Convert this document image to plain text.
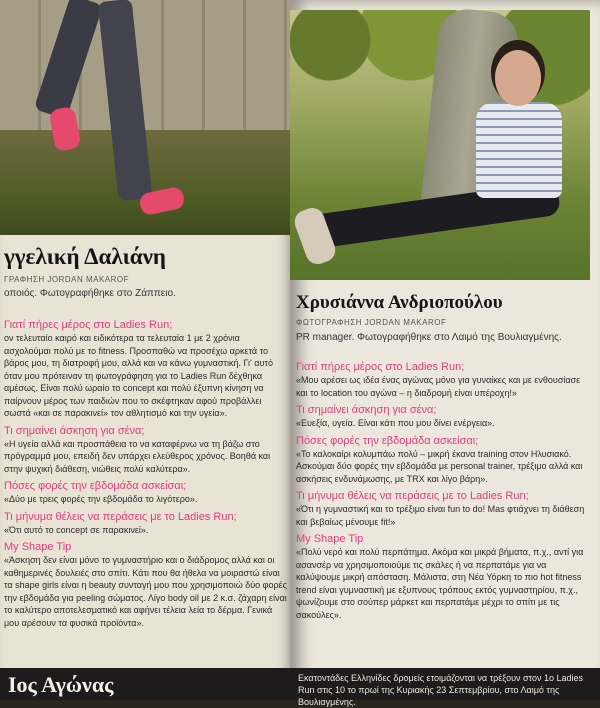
γγελική Δαλιάνη
ΓΡΑΦΗΣΗ JORDAN MAKAROF
οποιός. Φωτογραφήθηκε στο Ζάππειο.
Γιατί πήρες μέρος στο Ladies Run;

ον τελευταίο καιρό και ειδικότερα τα τελευταία 1 με 2 χρόνια ασχολούμαι πολύ με το fitness. Προσπαθώ να προσέχω αρκετά το βάρος μου, τη διατροφή μου, αλλά και να κάνω γυμναστική. Γι' αυτό όταν μου πρότειναν τη φωτογράφηση για το Ladies Run δέχθηκα αμέσως. Είναι πολύ ωραίο το concept και πολύ έξυπνη κίνηση να παίρνουν μέρος των παιδιών που το σκέφτηκαν αφού προβάλλει σωστά «και σε παρακινεί» τον αθλητισμό και την υγεία».

Τι σημαίνει άσκηση για σένα;

«Η υγεία αλλά και προσπάθεια το να καταφέρνω να τη βάζω στο πρόγραμμά μου, επειδή δεν υπάρχει ελεύθερος χρόνος. Βοηθά και στην ψυχική διάθεση, νιώθεις πολύ καλύτερα».

Πόσες φορές την εβδομάδα ασκείσαι;

«Δύο με τρεις φορές την εβδομάδα το λιγότερο».

Τι μήνυμα θέλεις να περάσεις με το Ladies Run;

«Ότι αυτό το concept σε παρακινεί».

My Shape Tip

«Άσκηση δεν είναι μόνο το γυμναστήριο και ο διάδρομος αλλά και οι καθημερινές δουλειές στο σπίτι. Κάτι που θα ήθελα να μοιραστώ είναι τα shape girls είναι η beauty συνταγή μου που χρησιμοποιώ δύο φορές την εβδομάδα για peeling σώματος. Λίγο body oil με 2 κ.σ. ζάχαρη είναι το καλύτερο αποτελεσματικό και αφήνει τέλεια λεία το δέρμα. Γενικά μου αρέσουν τα φυσικά προϊόντα».

Ιος Αγώνας
Χρυσιάννα Ανδριοπούλου
ΦΩΤΟΓΡΑΦΗΣΗ JORDAN MAKAROF
PR manager. Φωτογραφήθηκε στο Λαιμό της Βουλιαγμένης.
Γιατί πήρες μέρος στο Ladies Run;

«Μου αρέσει ως ιδέα ένας αγώνας μόνο για γυναίκες και με ενθουσίασε και το location του αγώνα – η διαδρομή είναι υπέροχη!»

Τι σημαίνει άσκηση για σένα;

«Ευεξία, υγεία. Είναι κάτι που μου δίνει ενέργεια».

Πόσες φορές την εβδομάδα ασκείσαι;

«Το καλοκαίρι κολυμπάω πολύ – μικρή έκανα training στον Ηλυσιακό. Ασκούμαι δύο φορές την εβδομάδα με personal trainer, τρέξιμο αλλά και ασκήσεις ενδυνάμωσης, με TRX και λίγο βάρη».

Τι μήνυμα θέλεις να περάσεις με το Ladies Run;

«Ότι η γυμναστική και το τρέξιμο είναι fun to do! Mas φτιάχνει τη διάθεση και βεβαίως μένουμε fit!»

My Shape Tip

«Πολύ νερό και πολύ περπάτημα. Ακόμα και μικρά βήματα, π.χ., αντί για ασανσέρ να χρησιμοποιούμε τις σκάλες ή να περπατάμε για να καλύψουμε μικρή απόσταση. Μάλιστα, στη Νέα Υόρκη το πιο hot fitness trend είναι γυμναστική με εξυπνους τρόπους εκτός γυμναστηρίου, π.χ., ψωνίζουμε στο σούπερ μάρκετ και περπατάμε μέχρι το σπίτι με τις σακούλες».

Εκατοντάδες Ελληνίδες δρομείς ετοιμάζονται να τρέξουν στον 1ο Ladies Run στις 10 το πρωί της Κυριακής 23 Σεπτεμβρίου, στο Λαιμό της Βουλιαγμένης.
